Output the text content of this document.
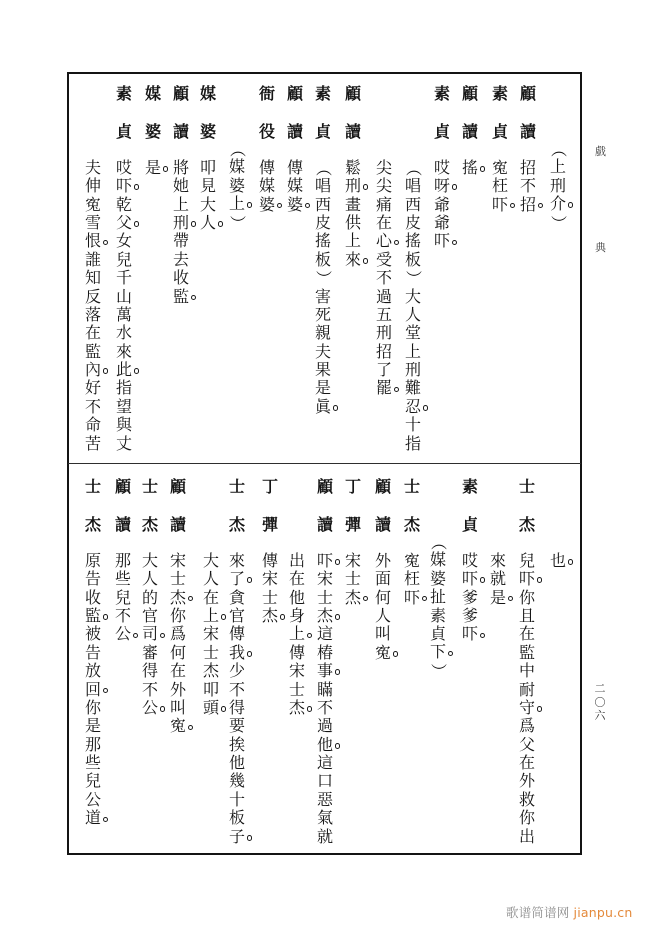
戲
典
二
〇
六
（
上
刑
介
）
顧
讀
招
不
招
素
貞
寃
枉
吓
顧
讀
搖
素
貞
哎
呀
爺
爺
吓
（
唱
西
皮
搖
板
）
大
人
堂
上
刑
難
忍
十
指
尖
尖
痛
在
心
受
不
過
五
刑
招
了
罷
顧
讀
鬆
刑
畫
供
上
來
素
貞
（
唱
西
皮
搖
板
）
害
死
親
夫
果
是
眞
顧
讀
傳
媒
婆
衙
役
傳
媒
婆
（
媒
婆
上
）
媒
婆
叩
見
大
人
顧
讀
將
她
上
刑
帶
去
收
監
媒
婆
是
素
貞
哎
吓
乾
父
女
兒
千
山
萬
水
來
此
指
望
與
丈
夫
伸
寃
雪
恨
誰
知
反
落
在
監
內
好
不
命
苦
也
士
杰
兒
吓
你
且
在
監
中
耐
守
爲
父
在
外
救
你
出
來
就
是
素
貞
哎
吓
爹
爹
吓
（
媒
婆
扯
素
貞
下
）
士
杰
寃
枉
吓
顧
讀
外
面
何
人
叫
寃
丁
彈
宋
士
杰
顧
讀
吓
宋
士
杰
這
椿
事
瞞
不
過
他
這
口
惡
氣
就
出
在
他
身
上
傳
宋
士
杰
丁
彈
傳
宋
士
杰
士
杰
來
了
貪
官
傳
我
少
不
得
要
挨
他
幾
十
板
子
大
人
在
上
宋
士
杰
叩
頭
顧
讀
宋
士
杰
你
爲
何
在
外
叫
寃
士
杰
大
人
的
官
司
審
得
不
公
顧
讀
那
些
兒
不
公
士
杰
原
告
收
監
被
告
放
回
你
是
那
些
兒
公
道
歌谱简谱网 jianpu.cn
